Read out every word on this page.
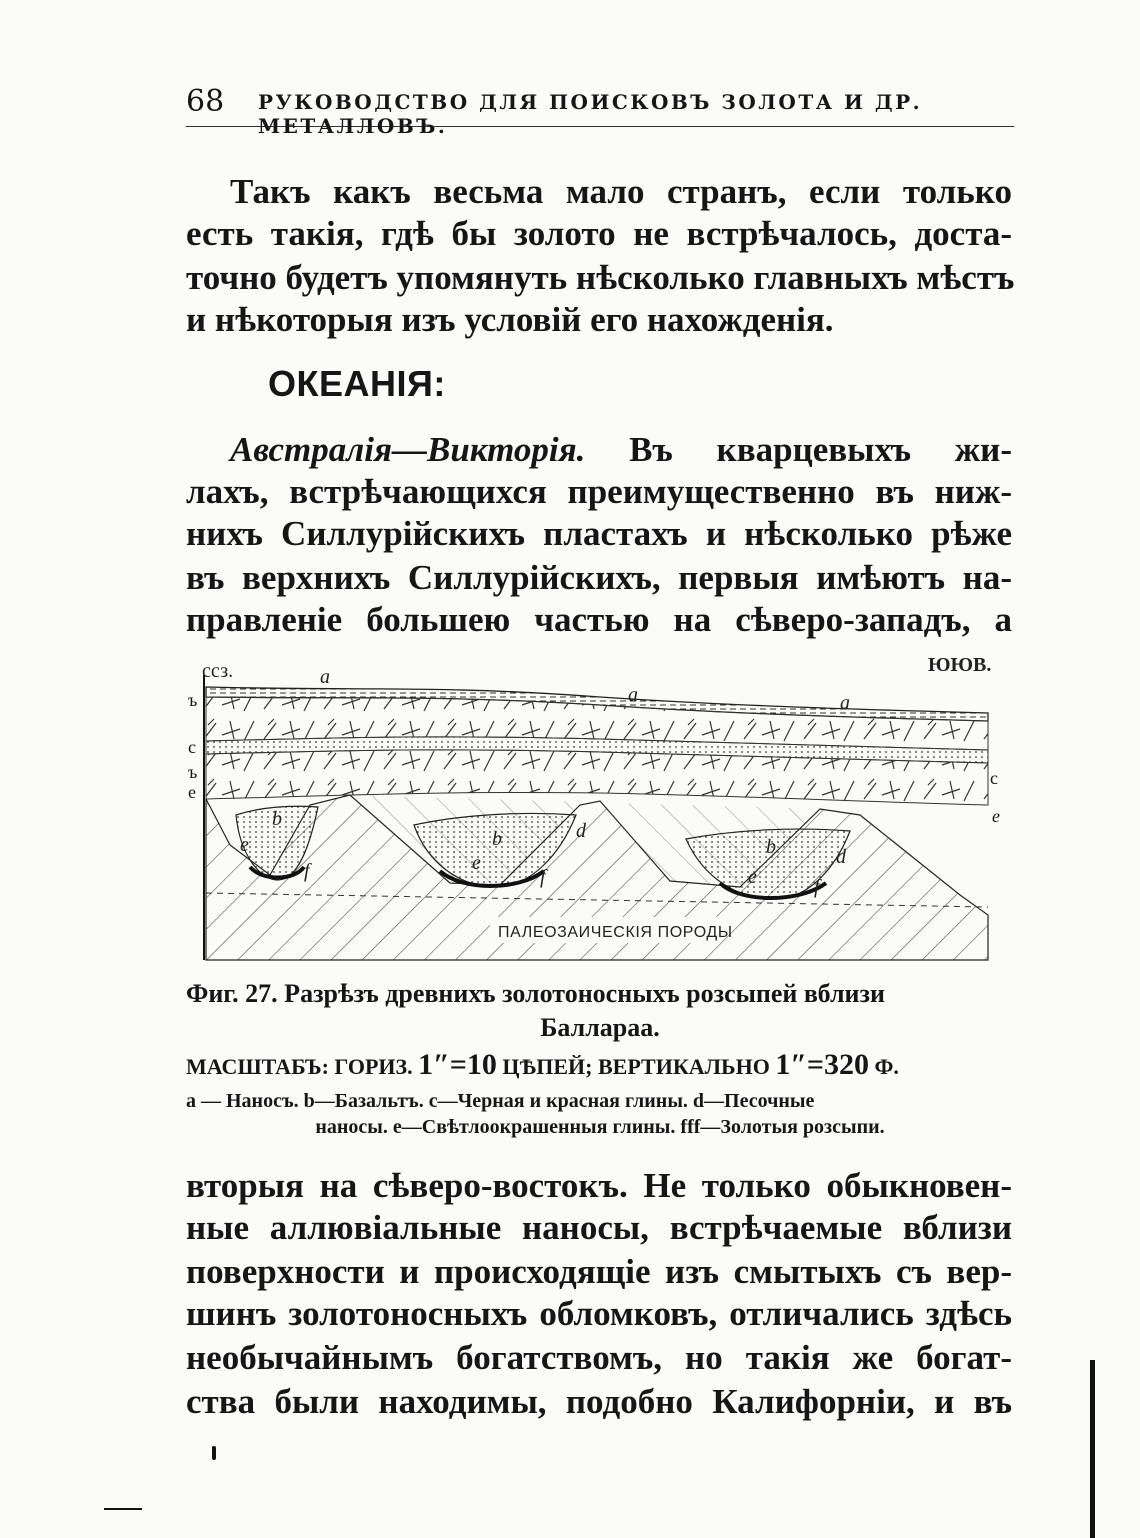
68 РУКОВОДСТВО ДЛЯ ПОИСКОВЪ ЗОЛОТА И ДР. МЕТАЛЛОВЪ.
Такъ какъ весьма мало странъ, если только
есть такія, гдѣ бы золото не встрѣчалось, доста-
точно будетъ упомянуть нѣсколько главныхъ мѣстъ
и нѣкоторыя изъ условій его нахожденія.
ОКЕАНІЯ:
Австралія—Викторія. Въ кварцевыхъ жи-
лахъ, встрѣчающихся преимущественно въ ниж-
нихъ Силлурійскихъ пластахъ и нѣсколько рѣже
въ верхнихъ Силлурійскихъ, первыя имѣютъ на-
правленіе большею частью на сѣверо-западъ, а
ПАЛЕОЗАИЧЕСКІЯ ПОРОДЫ
a
a	a
b
b	b
d
d
e
e
e
f	f	f
ссз.	ЮЮВ.
ъ
с
ъ
е
с
е
Фиг. 27. Разрѣзъ древнихъ золотоносныхъ розсыпей вблизи
Баллараа.
МАСШТАБЪ: ГОРИЗ. 1″=10 ЦѢПЕЙ; ВЕРТИКАЛЬНО 1″=320 Ф.
a — Наносъ. b—Базальтъ. c—Черная и красная глины. d—Песочные
наносы. e—Свѣтлоокрашенныя глины. fff—Золотыя розсыпи.
вторыя на сѣверо-востокъ. Не только обыкновен-
ные аллювіальные наносы, встрѣчаемые вблизи
поверхности и происходящіе изъ смытыхъ съ вер-
шинъ золотоносныхъ обломковъ, отличались здѣсь
необычайнымъ богатствомъ, но такія же богат-
ства были находимы, подобно Калифорніи, и въ
